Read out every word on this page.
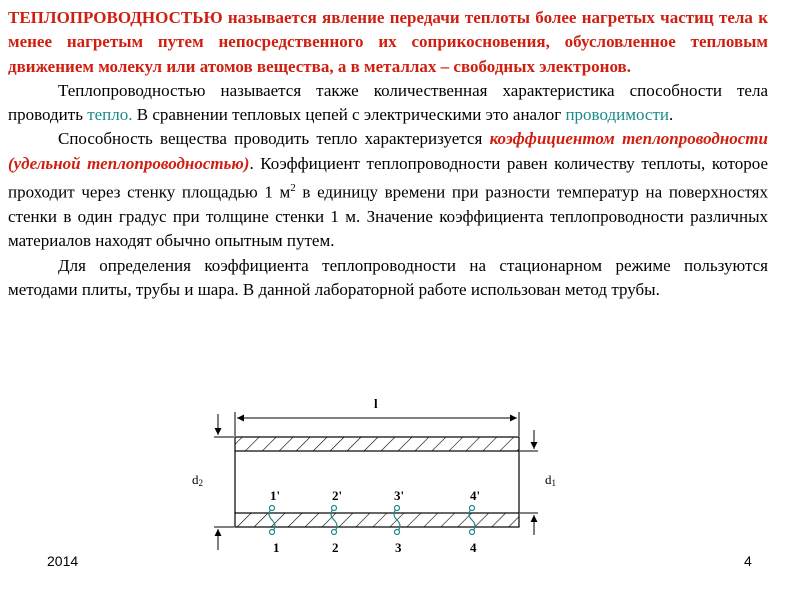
ТЕПЛОПРОВОДНОСТЬЮ называется явление передачи теплоты более нагретых частиц тела к менее нагретым путем непосредственного их соприкосновения, обусловленное тепловым движением молекул или атомов вещества, а в металлах – свободных электронов.

Теплопроводностью называется также количественная характеристика способности тела проводить тепло. В сравнении тепловых цепей с электрическими это аналог проводимости.

Способность вещества проводить тепло характеризуется коэффициентом теплопроводности (удельной теплопроводностью). Коэффициент теплопроводности равен количеству теплоты, которое проходит через стенку площадью 1 $м^2$ в единицу времени при разности температур на поверхностях стенки в один градус при толщине стенки 1 м. Значение коэффициента теплопроводности различных материалов находят обычно опытным путем.

Для определения коэффициента теплопроводности на стационарном режиме пользуются методами плиты, трубы и шара. В данной лабораторной работе использован метод трубы.

l
d2	d1
1'
1
2'
2
3'
3
4'
4
2014	4
